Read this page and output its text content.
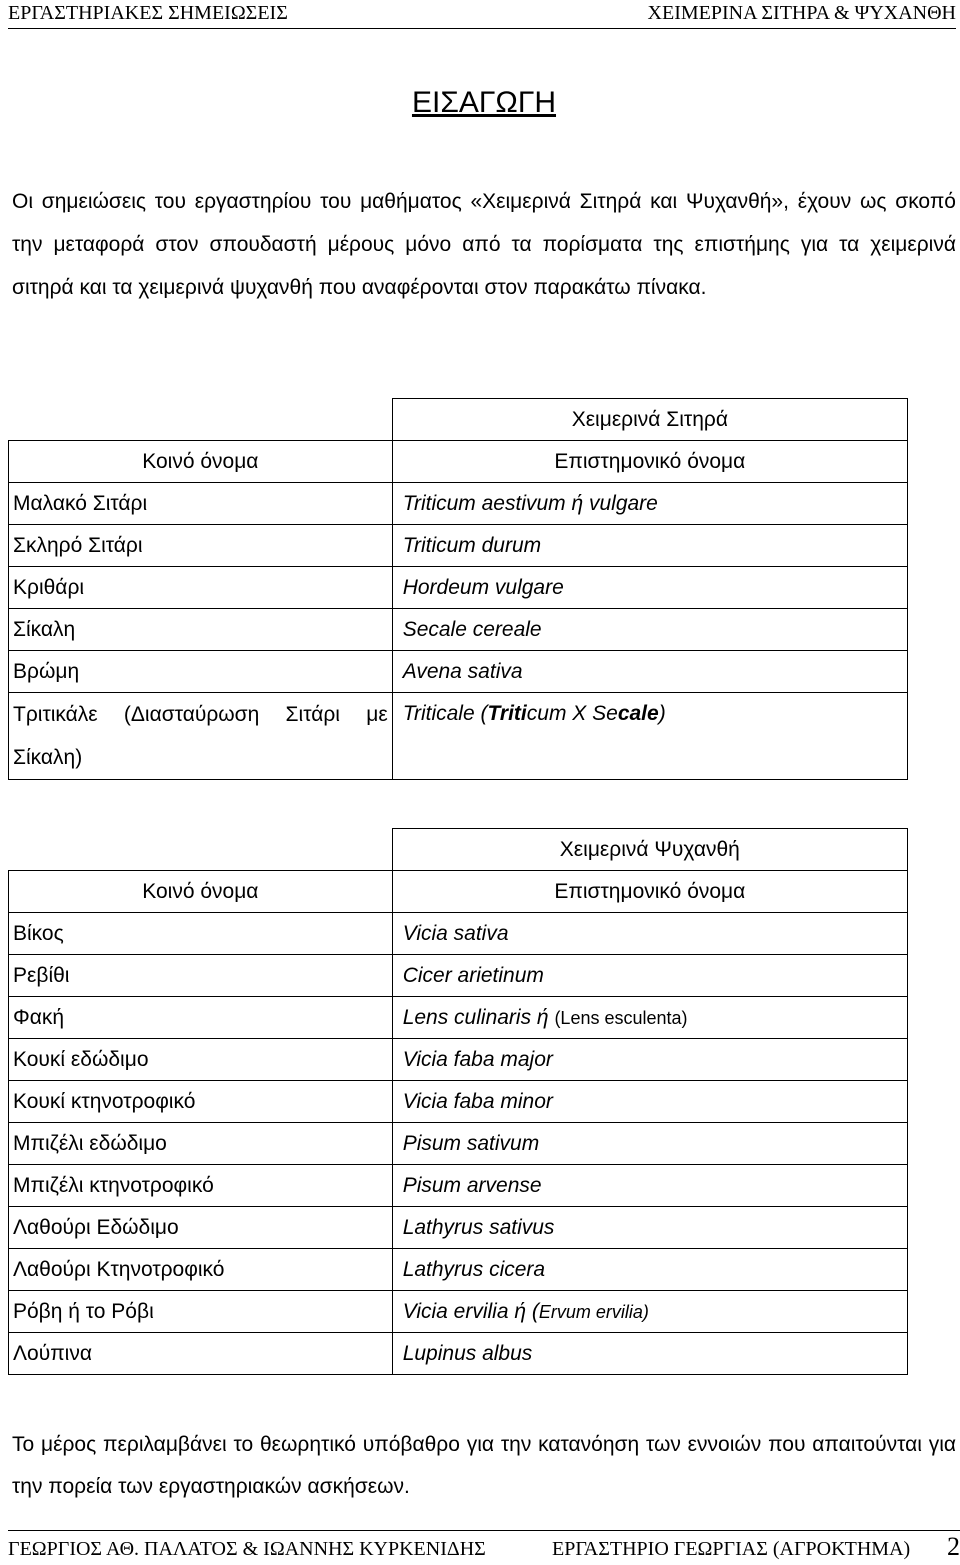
ΕΡΓΑΣΤΗΡΙΑΚΕΣ ΣΗΜΕΙΩΣΕΙΣ	ΧΕΙΜΕΡΙΝΑ ΣΙΤΗΡΑ & ΨΥΧΑΝΘΗ
ΕΙΣΑΓΩΓΗ
Οι σημειώσεις του εργαστηρίου του μαθήματος «Χειμερινά Σιτηρά και Ψυχανθή», έχουν ως σκοπό την μεταφορά στον σπουδαστή μέρους μόνο από τα πορίσματα της επιστήμης για τα χειμερινά σιτηρά και τα χειμερινά ψυχανθή που αναφέρονται στον παρακάτω πίνακα.
	Χειμερινά Σιτηρά
Κοινό όνομα	Επιστημονικό όνομα
Μαλακό Σιτάρι	Triticum aestivum ή vulgare
Σκληρό Σιτάρι	Triticum durum
Κριθάρι	Hordeum vulgare
Σίκαλη	Secale cereale
Βρώμη	Avena sativa
Τριτικάλε (Διασταύρωση Σιτάρι με Σίκαλη)	Triticale (Triticum X Secale)
	Χειμερινά Ψυχανθή
Κοινό όνομα	Επιστημονικό όνομα
Βίκος	Vicia sativa
Ρεβίθι	Cicer arietinum
Φακή	Lens culinaris ή (Lens esculenta)
Κουκί εδώδιμο	Vicia faba major
Κουκί κτηνοτροφικό	Vicia faba minor
Μπιζέλι εδώδιμο	Pisum sativum
Μπιζέλι κτηνοτροφικό	Pisum arvense
Λαθούρι Εδώδιμο	Lathyrus sativus
Λαθούρι Κτηνοτροφικό	Lathyrus cicera
Ρόβη ή το Ρόβι	Vicia ervilia ή (Ervum ervilia)
Λούπινα	Lupinus albus
Το μέρος περιλαμβάνει το θεωρητικό υπόβαθρο για την κατανόηση των εννοιών που απαιτούνται για την πορεία των εργαστηριακών ασκήσεων.
ΓΕΩΡΓΙΟΣ ΑΘ. ΠΑΛΑΤΟΣ & ΙΩΑΝΝΗΣ ΚΥΡΚΕΝΙΔΗΣ	ΕΡΓΑΣΤΗΡΙΟ ΓΕΩΡΓΙΑΣ (ΑΓΡΟΚΤΗΜΑ) 2
